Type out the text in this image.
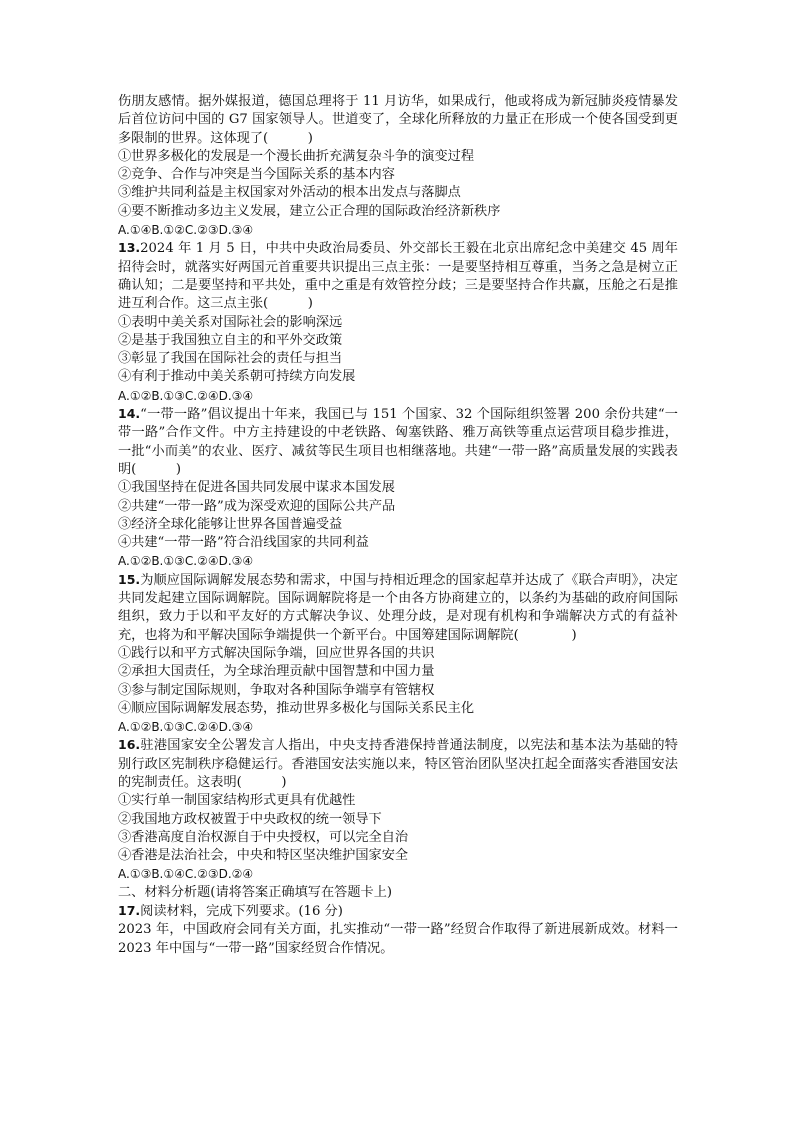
伤朋友感情。据外媒报道，德国总理将于 11 月访华，如果成行，他或将成为新冠肺炎疫情暴发后首位访问中国的 G7 国家领导人。世道变了，全球化所释放的力量正在形成一个使各国受到更多限制的世界。这体现了(　　　)

①世界多极化的发展是一个漫长曲折充满复杂斗争的演变过程

②竞争、合作与冲突是当今国际关系的基本内容

③维护共同利益是主权国家对外活动的根本出发点与落脚点

④要不断推动多边主义发展，建立公正合理的国际政治经济新秩序

A.①④B.①②C.②③D.③④

13.2024 年 1 月 5 日，中共中央政治局委员、外交部长王毅在北京出席纪念中美建交 45 周年招待会时，就落实好两国元首重要共识提出三点主张：一是要坚持相互尊重，当务之急是树立正确认知；二是要坚持和平共处，重中之重是有效管控分歧；三是要坚持合作共赢，压舱之石是推进互利合作。这三点主张(　　　)

①表明中美关系对国际社会的影响深远

②是基于我国独立自主的和平外交政策

③彰显了我国在国际社会的责任与担当

④有利于推动中美关系朝可持续方向发展

A.①②B.①③C.②④D.③④

14.“一带一路”倡议提出十年来，我国已与 151 个国家、32 个国际组织签署 200 余份共建“一带一路”合作文件。中方主持建设的中老铁路、匈塞铁路、雅万高铁等重点运营项目稳步推进，一批“小而美”的农业、医疗、减贫等民生项目也相继落地。共建“一带一路”高质量发展的实践表明(　　　)

①我国坚持在促进各国共同发展中谋求本国发展

②共建“一带一路”成为深受欢迎的国际公共产品

③经济全球化能够让世界各国普遍受益

④共建“一带一路”符合沿线国家的共同利益

A.①②B.①③C.②④D.③④

15.为顺应国际调解发展态势和需求，中国与持相近理念的国家起草并达成了《联合声明》，决定共同发起建立国际调解院。国际调解院将是一个由各方协商建立的，以条约为基础的政府间国际组织，致力于以和平友好的方式解决争议、处理分歧，是对现有机构和争端解决方式的有益补充，也将为和平解决国际争端提供一个新平台。中国筹建国际调解院(　　　　)

①践行以和平方式解决国际争端，回应世界各国的共识

②承担大国责任，为全球治理贡献中国智慧和中国力量

③参与制定国际规则，争取对各种国际争端享有管辖权

④顺应国际调解发展态势，推动世界多极化与国际关系民主化

A.①②B.①③C.②④D.③④

16.驻港国家安全公署发言人指出，中央支持香港保持普通法制度，以宪法和基本法为基础的特别行政区宪制秩序稳健运行。香港国安法实施以来，特区管治团队坚决扛起全面落实香港国安法的宪制责任。这表明(　　　)

①实行单一制国家结构形式更具有优越性

②我国地方政权被置于中央政权的统一领导下

③香港高度自治权源自于中央授权，可以完全自治

④香港是法治社会，中央和特区坚决维护国家安全

A.①③B.①④C.②③D.②④

二、材料分析题(请将答案正确填写在答题卡上)

17.阅读材料，完成下列要求。(16 分)

2023 年，中国政府会同有关方面，扎实推动“一带一路”经贸合作取得了新进展新成效。材料一　2023 年中国与“一带一路”国家经贸合作情况。
